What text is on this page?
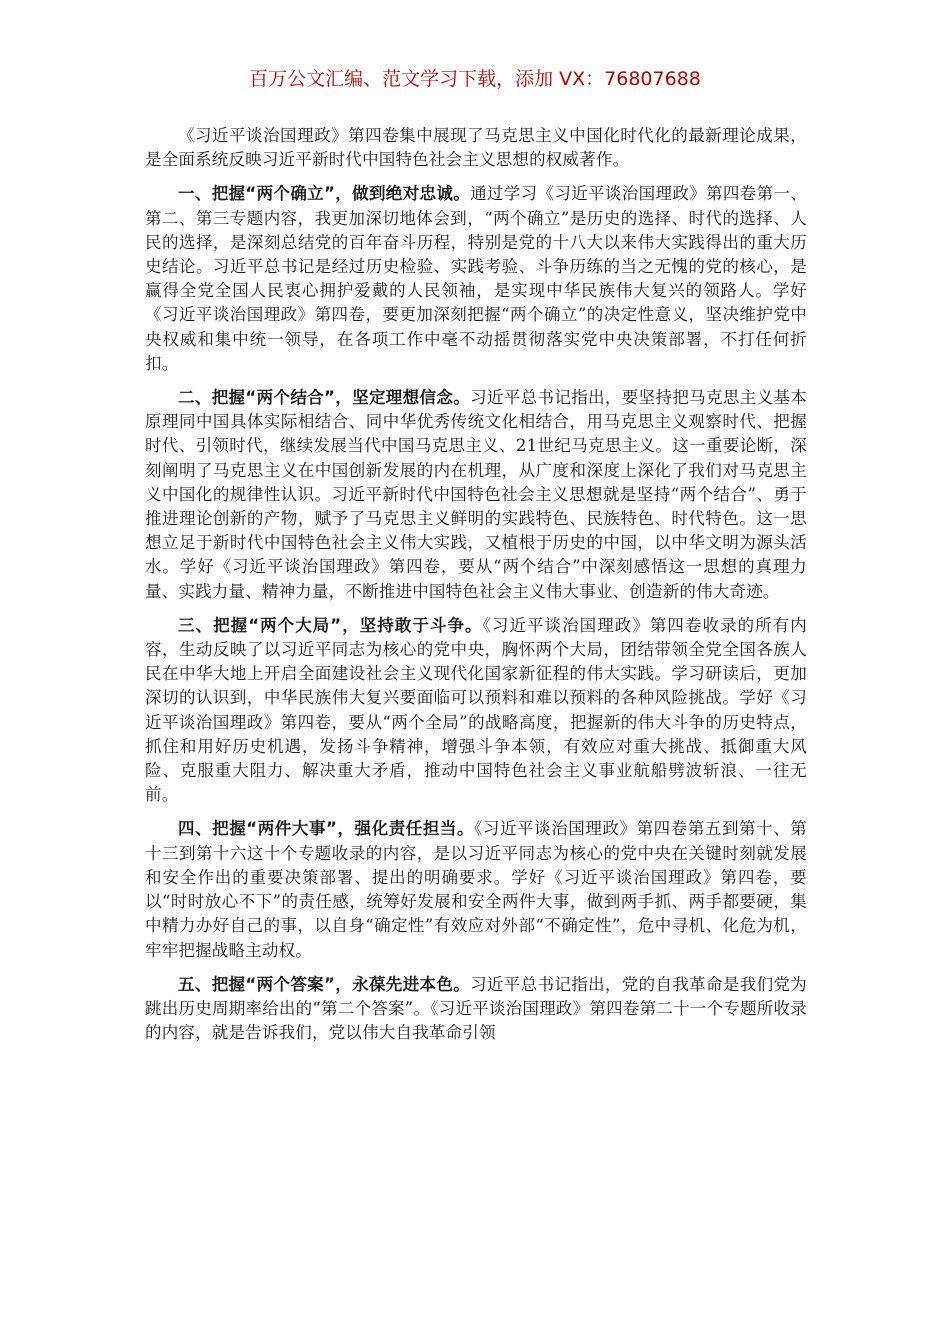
百万公文汇编、范文学习下载，添加 VX：76807688

《习近平谈治国理政》第四卷集中展现了马克思主义中国化时代化的最新理论成果，是全面系统反映习近平新时代中国特色社会主义思想的权威著作。

一、把握“两个确立”，做到绝对忠诚。通过学习《习近平谈治国理政》第四卷第一、第二、第三专题内容，我更加深切地体会到，“两个确立”是历史的选择、时代的选择、人民的选择，是深刻总结党的百年奋斗历程，特别是党的十八大以来伟大实践得出的重大历史结论。习近平总书记是经过历史检验、实践考验、斗争历练的当之无愧的党的核心，是赢得全党全国人民衷心拥护爱戴的人民领袖，是实现中华民族伟大复兴的领路人。学好《习近平谈治国理政》第四卷，要更加深刻把握“两个确立”的决定性意义，坚决维护党中央权威和集中统一领导，在各项工作中毫不动摇贯彻落实党中央决策部署，不打任何折扣。

二、把握“两个结合”，坚定理想信念。习近平总书记指出，要坚持把马克思主义基本原理同中国具体实际相结合、同中华优秀传统文化相结合，用马克思主义观察时代、把握时代、引领时代，继续发展当代中国马克思主义、21世纪马克思主义。这一重要论断，深刻阐明了马克思主义在中国创新发展的内在机理，从广度和深度上深化了我们对马克思主义中国化的规律性认识。习近平新时代中国特色社会主义思想就是坚持“两个结合”、勇于推进理论创新的产物，赋予了马克思主义鲜明的实践特色、民族特色、时代特色。这一思想立足于新时代中国特色社会主义伟大实践，又植根于历史的中国，以中华文明为源头活水。学好《习近平谈治国理政》第四卷，要从“两个结合”中深刻感悟这一思想的真理力量、实践力量、精神力量，不断推进中国特色社会主义伟大事业、创造新的伟大奇迹。

三、把握“两个大局”，坚持敢于斗争。《习近平谈治国理政》第四卷收录的所有内容，生动反映了以习近平同志为核心的党中央，胸怀两个大局，团结带领全党全国各族人民在中华大地上开启全面建设社会主义现代化国家新征程的伟大实践。学习研读后，更加深切的认识到，中华民族伟大复兴要面临可以预料和难以预料的各种风险挑战。学好《习近平谈治国理政》第四卷，要从“两个全局”的战略高度，把握新的伟大斗争的历史特点，抓住和用好历史机遇，发扬斗争精神，增强斗争本领，有效应对重大挑战、抵御重大风险、克服重大阻力、解决重大矛盾，推动中国特色社会主义事业航船劈波斩浪、一往无前。

四、把握“两件大事”，强化责任担当。《习近平谈治国理政》第四卷第五到第十、第十三到第十六这十个专题收录的内容，是以习近平同志为核心的党中央在关键时刻就发展和安全作出的重要决策部署、提出的明确要求。学好《习近平谈治国理政》第四卷，要以“时时放心不下”的责任感，统筹好发展和安全两件大事，做到两手抓、两手都要硬，集中精力办好自己的事，以自身“确定性”有效应对外部“不确定性”，危中寻机、化危为机，牢牢把握战略主动权。

五、把握“两个答案”，永葆先进本色。习近平总书记指出，党的自我革命是我们党为跳出历史周期率给出的“第二个答案”。《习近平谈治国理政》第四卷第二十一个专题所收录的内容，就是告诉我们，党以伟大自我革命引领
